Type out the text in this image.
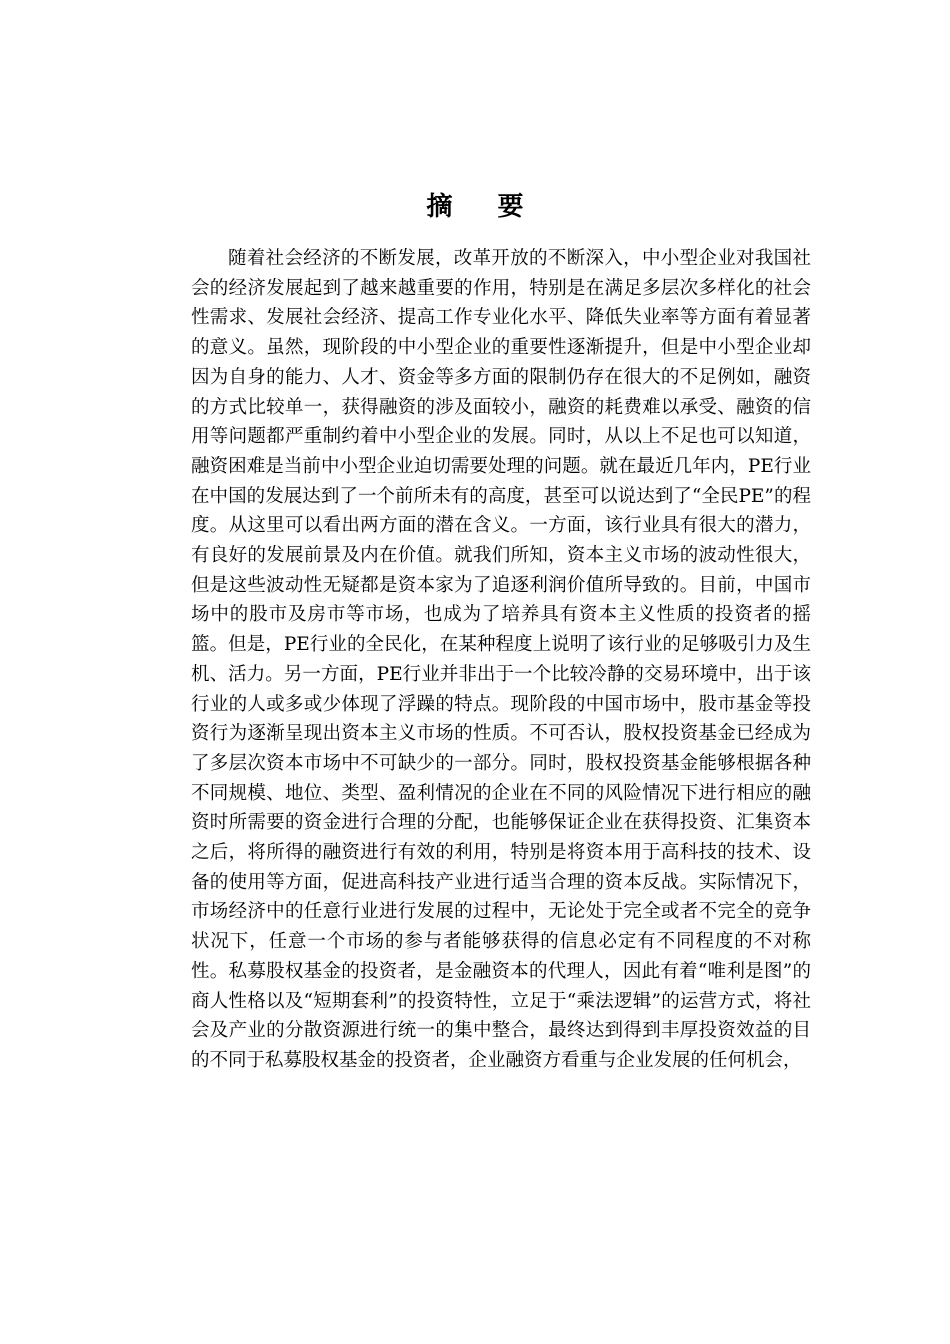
摘 要

随着社会经济的不断发展，改革开放的不断深入，中小型企业对我国社会的经济发展起到了越来越重要的作用，特别是在满足多层次多样化的社会性需求、发展社会经济、提高工作专业化水平、降低失业率等方面有着显著的意义。虽然，现阶段的中小型企业的重要性逐渐提升，但是中小型企业却因为自身的能力、人才、资金等多方面的限制仍存在很大的不足例如，融资的方式比较单一，获得融资的涉及面较小，融资的耗费难以承受、融资的信用等问题都严重制约着中小型企业的发展。同时，从以上不足也可以知道，融资困难是当前中小型企业迫切需要处理的问题。就在最近几年内，PE行业在中国的发展达到了一个前所未有的高度，甚至可以说达到了“全民PE”的程度。从这里可以看出两方面的潜在含义。一方面，该行业具有很大的潜力，有良好的发展前景及内在价值。就我们所知，资本主义市场的波动性很大，但是这些波动性无疑都是资本家为了追逐利润价值所导致的。目前，中国市场中的股市及房市等市场，也成为了培养具有资本主义性质的投资者的摇篮。但是，PE行业的全民化，在某种程度上说明了该行业的足够吸引力及生机、活力。另一方面，PE行业并非出于一个比较冷静的交易环境中，出于该行业的人或多或少体现了浮躁的特点。现阶段的中国市场中，股市基金等投资行为逐渐呈现出资本主义市场的性质。不可否认，股权投资基金已经成为了多层次资本市场中不可缺少的一部分。同时，股权投资基金能够根据各种不同规模、地位、类型、盈利情况的企业在不同的风险情况下进行相应的融资时所需要的资金进行合理的分配，也能够保证企业在获得投资、汇集资本之后，将所得的融资进行有效的利用，特别是将资本用于高科技的技术、设备的使用等方面，促进高科技产业进行适当合理的资本反战。实际情况下，市场经济中的任意行业进行发展的过程中，无论处于完全或者不完全的竞争状况下，任意一个市场的参与者能够获得的信息必定有不同程度的不对称性。私募股权基金的投资者，是金融资本的代理人，因此有着“唯利是图”的商人性格以及“短期套利”的投资特性，立足于“乘法逻辑”的运营方式，将社会及产业的分散资源进行统一的集中整合，最终达到得到丰厚投资效益的目的不同于私募股权基金的投资者，企业融资方看重与企业发展的任何机会，
